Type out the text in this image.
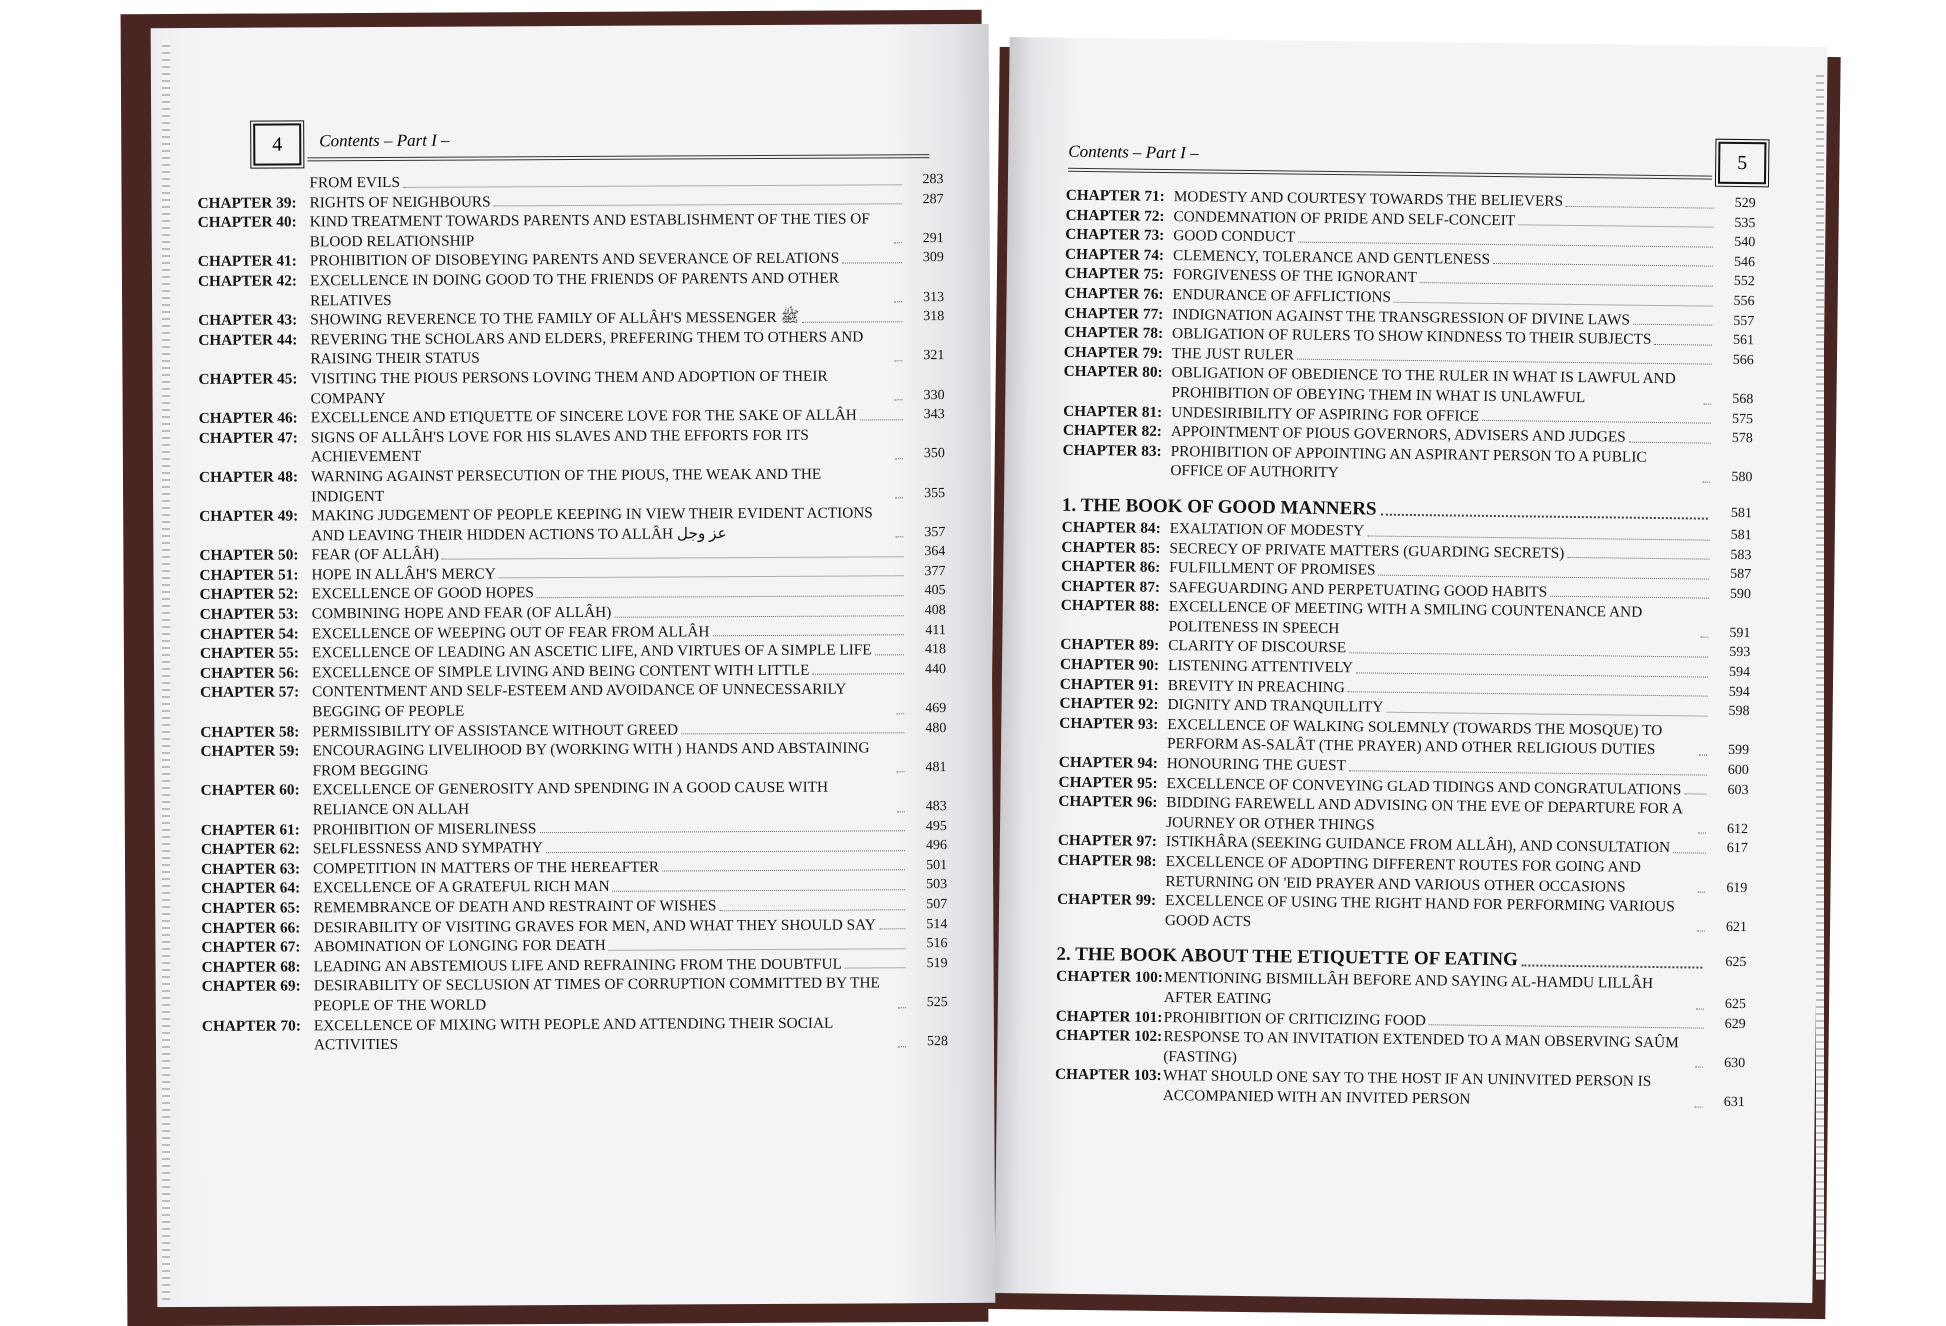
4	Contents – Part I –
FROM EVILS	283
CHAPTER 39: RIGHTS OF NEIGHBOURS	287
CHAPTER 40: KIND TREATMENT TOWARDS PARENTS AND ESTABLISHMENT OF THE TIES OF BLOOD RELATIONSHIP	291
CHAPTER 41: PROHIBITION OF DISOBEYING PARENTS AND SEVERANCE OF RELATIONS	309
CHAPTER 42: EXCELLENCE IN DOING GOOD TO THE FRIENDS OF PARENTS AND OTHER RELATIVES	313
CHAPTER 43: SHOWING REVERENCE TO THE FAMILY OF ALLÂH'S MESSENGER ﷺ	318
CHAPTER 44: REVERING THE SCHOLARS AND ELDERS, PREFERING THEM TO OTHERS AND RAISING THEIR STATUS	321
CHAPTER 45: VISITING THE PIOUS PERSONS LOVING THEM AND ADOPTION OF THEIR COMPANY	330
CHAPTER 46: EXCELLENCE AND ETIQUETTE OF SINCERE LOVE FOR THE SAKE OF ALLÂH	343
CHAPTER 47: SIGNS OF ALLÂH'S LOVE FOR HIS SLAVES AND THE EFFORTS FOR ITS ACHIEVEMENT	350
CHAPTER 48: WARNING AGAINST PERSECUTION OF THE PIOUS, THE WEAK AND THE INDIGENT	355
CHAPTER 49: MAKING JUDGEMENT OF PEOPLE KEEPING IN VIEW THEIR EVIDENT ACTIONS AND LEAVING THEIR HIDDEN ACTIONS TO ALLÂH عز وجل	357
CHAPTER 50: FEAR (OF ALLÂH)	364
CHAPTER 51: HOPE IN ALLÂH'S MERCY	377
CHAPTER 52: EXCELLENCE OF GOOD HOPES	405
CHAPTER 53: COMBINING HOPE AND FEAR (OF ALLÂH)	408
CHAPTER 54: EXCELLENCE OF WEEPING OUT OF FEAR FROM ALLÂH	411
CHAPTER 55: EXCELLENCE OF LEADING AN ASCETIC LIFE, AND VIRTUES OF A SIMPLE LIFE	418
CHAPTER 56: EXCELLENCE OF SIMPLE LIVING AND BEING CONTENT WITH LITTLE	440
CHAPTER 57: CONTENTMENT AND SELF-ESTEEM AND AVOIDANCE OF UNNECESSARILY BEGGING OF PEOPLE	469
CHAPTER 58: PERMISSIBILITY OF ASSISTANCE WITHOUT GREED	480
CHAPTER 59: ENCOURAGING LIVELIHOOD BY (WORKING WITH ) HANDS AND ABSTAINING FROM BEGGING	481
CHAPTER 60: EXCELLENCE OF GENEROSITY AND SPENDING IN A GOOD CAUSE WITH RELIANCE ON ALLAH	483
CHAPTER 61: PROHIBITION OF MISERLINESS	495
CHAPTER 62: SELFLESSNESS AND SYMPATHY	496
CHAPTER 63: COMPETITION IN MATTERS OF THE HEREAFTER	501
CHAPTER 64: EXCELLENCE OF A GRATEFUL RICH MAN	503
CHAPTER 65: REMEMBRANCE OF DEATH AND RESTRAINT OF WISHES	507
CHAPTER 66: DESIRABILITY OF VISITING GRAVES FOR MEN, AND WHAT THEY SHOULD SAY	514
CHAPTER 67: ABOMINATION OF LONGING FOR DEATH	516
CHAPTER 68: LEADING AN ABSTEMIOUS LIFE AND REFRAINING FROM THE DOUBTFUL	519
CHAPTER 69: DESIRABILITY OF SECLUSION AT TIMES OF CORRUPTION COMMITTED BY THE PEOPLE OF THE WORLD	525
CHAPTER 70: EXCELLENCE OF MIXING WITH PEOPLE AND ATTENDING THEIR SOCIAL ACTIVITIES	528
Contents – Part I –	5
CHAPTER 71: MODESTY AND COURTESY TOWARDS THE BELIEVERS	529
CHAPTER 72: CONDEMNATION OF PRIDE AND SELF-CONCEIT	535
CHAPTER 73: GOOD CONDUCT	540
CHAPTER 74: CLEMENCY, TOLERANCE AND GENTLENESS	546
CHAPTER 75: FORGIVENESS OF THE IGNORANT	552
CHAPTER 76: ENDURANCE OF AFFLICTIONS	556
CHAPTER 77: INDIGNATION AGAINST THE TRANSGRESSION OF DIVINE LAWS	557
CHAPTER 78: OBLIGATION OF RULERS TO SHOW KINDNESS TO THEIR SUBJECTS	561
CHAPTER 79: THE JUST RULER	566
CHAPTER 80: OBLIGATION OF OBEDIENCE TO THE RULER IN WHAT IS LAWFUL AND PROHIBITION OF OBEYING THEM IN WHAT IS UNLAWFUL	568
CHAPTER 81: UNDESIRIBILITY OF ASPIRING FOR OFFICE	575
CHAPTER 82: APPOINTMENT OF PIOUS GOVERNORS, ADVISERS AND JUDGES	578
CHAPTER 83: PROHIBITION OF APPOINTING AN ASPIRANT PERSON TO A PUBLIC OFFICE OF AUTHORITY	580
1. THE BOOK OF GOOD MANNERS	581
CHAPTER 84: EXALTATION OF MODESTY	581
CHAPTER 85: SECRECY OF PRIVATE MATTERS (GUARDING SECRETS)	583
CHAPTER 86: FULFILLMENT OF PROMISES	587
CHAPTER 87: SAFEGUARDING AND PERPETUATING GOOD HABITS	590
CHAPTER 88: EXCELLENCE OF MEETING WITH A SMILING COUNTENANCE AND POLITENESS IN SPEECH	591
CHAPTER 89: CLARITY OF DISCOURSE	593
CHAPTER 90: LISTENING ATTENTIVELY	594
CHAPTER 91: BREVITY IN PREACHING	594
CHAPTER 92: DIGNITY AND TRANQUILLITY	598
CHAPTER 93: EXCELLENCE OF WALKING SOLEMNLY (TOWARDS THE MOSQUE) TO PERFORM AS-SALÂT (THE PRAYER) AND OTHER RELIGIOUS DUTIES	599
CHAPTER 94: HONOURING THE GUEST	600
CHAPTER 95: EXCELLENCE OF CONVEYING GLAD TIDINGS AND CONGRATULATIONS	603
CHAPTER 96: BIDDING FAREWELL AND ADVISING ON THE EVE OF DEPARTURE FOR A JOURNEY OR OTHER THINGS	612
CHAPTER 97: ISTIKHÂRA (SEEKING GUIDANCE FROM ALLÂH), AND CONSULTATION	617
CHAPTER 98: EXCELLENCE OF ADOPTING DIFFERENT ROUTES FOR GOING AND RETURNING ON 'EID PRAYER AND VARIOUS OTHER OCCASIONS	619
CHAPTER 99: EXCELLENCE OF USING THE RIGHT HAND FOR PERFORMING VARIOUS GOOD ACTS	621
2. THE BOOK ABOUT THE ETIQUETTE OF EATING	625
CHAPTER 100: MENTIONING BISMILLÂH BEFORE AND SAYING AL-HAMDU LILLÂH AFTER EATING	625
CHAPTER 101: PROHIBITION OF CRITICIZING FOOD	629
CHAPTER 102: RESPONSE TO AN INVITATION EXTENDED TO A MAN OBSERVING SAÛM (FASTING)	630
CHAPTER 103: WHAT SHOULD ONE SAY TO THE HOST IF AN UNINVITED PERSON IS ACCOMPANIED WITH AN INVITED PERSON	631
